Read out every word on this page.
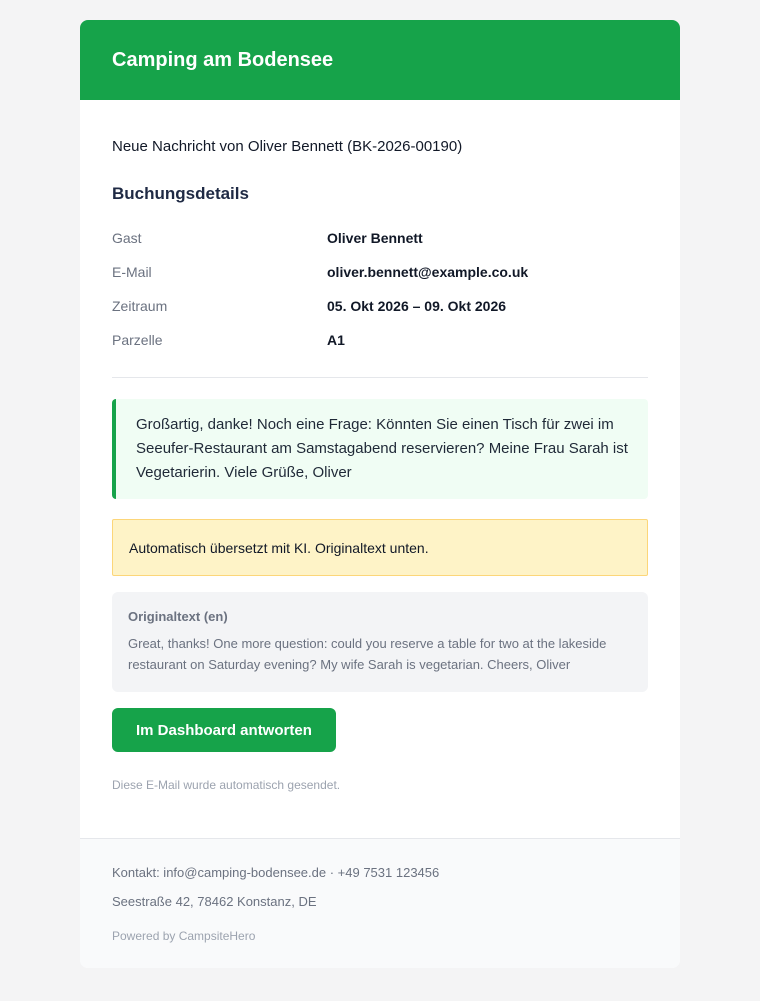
Camping am Bodensee

Neue Nachricht von Oliver Bennett (BK-2026-00190)

Buchungsdetails
Gast	Oliver Bennett
E-Mail	oliver.bennett@example.co.uk
Zeitraum	05. Okt 2026 – 09. Okt 2026
Parzelle	A1
Großartig, danke! Noch eine Frage: Könnten Sie einen Tisch für zwei im Seeufer-Restaurant am Samstagabend reservieren? Meine Frau Sarah ist Vegetarierin. Viele Grüße, Oliver
Automatisch übersetzt mit KI. Originaltext unten.
Originaltext (en)
Great, thanks! One more question: could you reserve a table for two at the lakeside restaurant on Saturday evening? My wife Sarah is vegetarian. Cheers, Oliver
Im Dashboard antworten
Diese E-Mail wurde automatisch gesendet.
Kontakt: info@camping-bodensee.de · +49 7531 123456
Seestraße 42, 78462 Konstanz, DE
Powered by CampsiteHero
